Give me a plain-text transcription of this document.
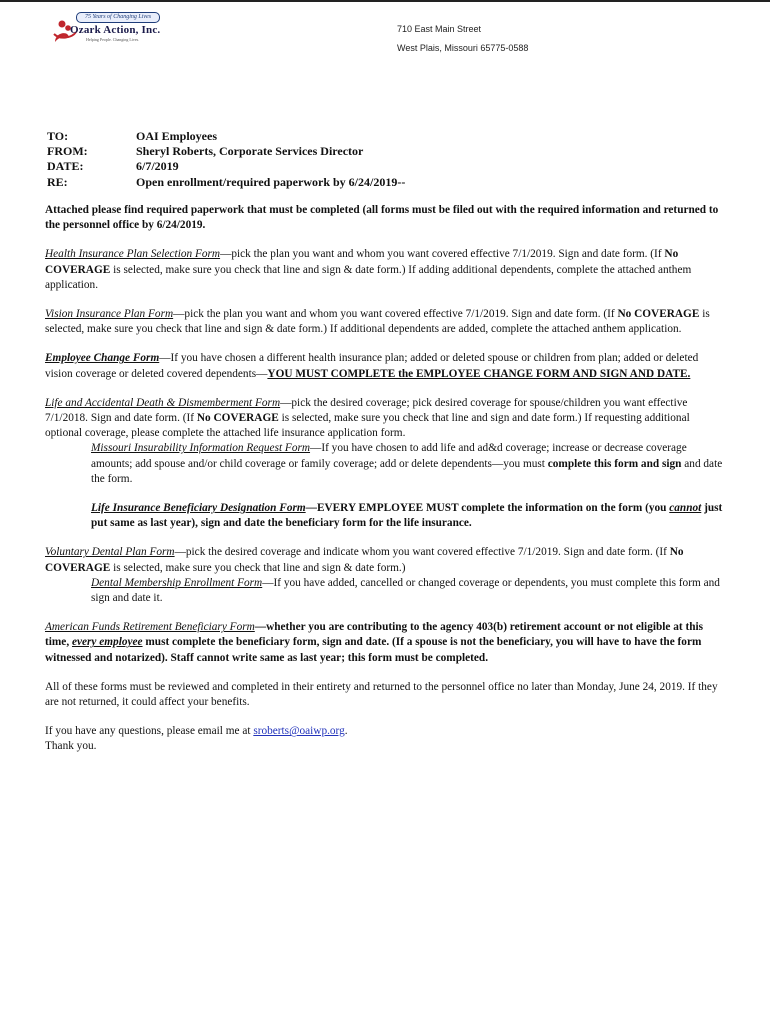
75 Years of Changing Lives
Ozark Action, Inc.
Helping People. Changing Lives.
710 East Main Street
West Plais, Missouri 65775-0588
TO:	OAI Employees
FROM:	Sheryl Roberts, Corporate Services Director
DATE:	6/7/2019
RE:	Open enrollment/required paperwork by 6/24/2019--

Attached please find required paperwork that must be completed (all forms must be filed out with the required information and returned to the personnel office by 6/24/2019.

Health Insurance Plan Selection Form—pick the plan you want and whom you want covered effective 7/1/2019. Sign and date form. (If No COVERAGE is selected, make sure you check that line and sign & date form.) If adding additional dependents, complete the attached anthem application.

Vision Insurance Plan Form—pick the plan you want and whom you want covered effective 7/1/2019. Sign and date form. (If No COVERAGE is selected, make sure you check that line and sign & date form.) If additional dependents are added, complete the attached anthem application.

Employee Change Form—If you have chosen a different health insurance plan; added or deleted spouse or children from plan; added or deleted vision coverage or deleted covered dependents—YOU MUST COMPLETE the EMPLOYEE CHANGE FORM AND SIGN AND DATE.

Life and Accidental Death & Dismemberment Form—pick the desired coverage; pick desired coverage for spouse/children you want effective 7/1/2018. Sign and date form. (If No COVERAGE is selected, make sure you check that line and sign and date form.) If requesting additional optional coverage, please complete the attached life insurance application form.

Missouri Insurability Information Request Form—If you have chosen to add life and ad&d coverage; increase or decrease coverage amounts; add spouse and/or child coverage or family coverage; add or delete dependents—you must complete this form and sign and date the form.

Life Insurance Beneficiary Designation Form—EVERY EMPLOYEE MUST complete the information on the form (you cannot just put same as last year), sign and date the beneficiary form for the life insurance.

Voluntary Dental Plan Form—pick the desired coverage and indicate whom you want covered effective 7/1/2019. Sign and date form. (If No COVERAGE is selected, make sure you check that line and sign & date form.)

Dental Membership Enrollment Form—If you have added, cancelled or changed coverage or dependents, you must complete this form and sign and date it.

American Funds Retirement Beneficiary Form—whether you are contributing to the agency 403(b) retirement account or not eligible at this time, every employee must complete the beneficiary form, sign and date. (If a spouse is not the beneficiary, you will have to have the form witnessed and notarized). Staff cannot write same as last year; this form must be completed.

All of these forms must be reviewed and completed in their entirety and returned to the personnel office no later than Monday, June 24, 2019. If they are not returned, it could affect your benefits.

If you have any questions, please email me at sroberts@oaiwp.org.

Thank you.
